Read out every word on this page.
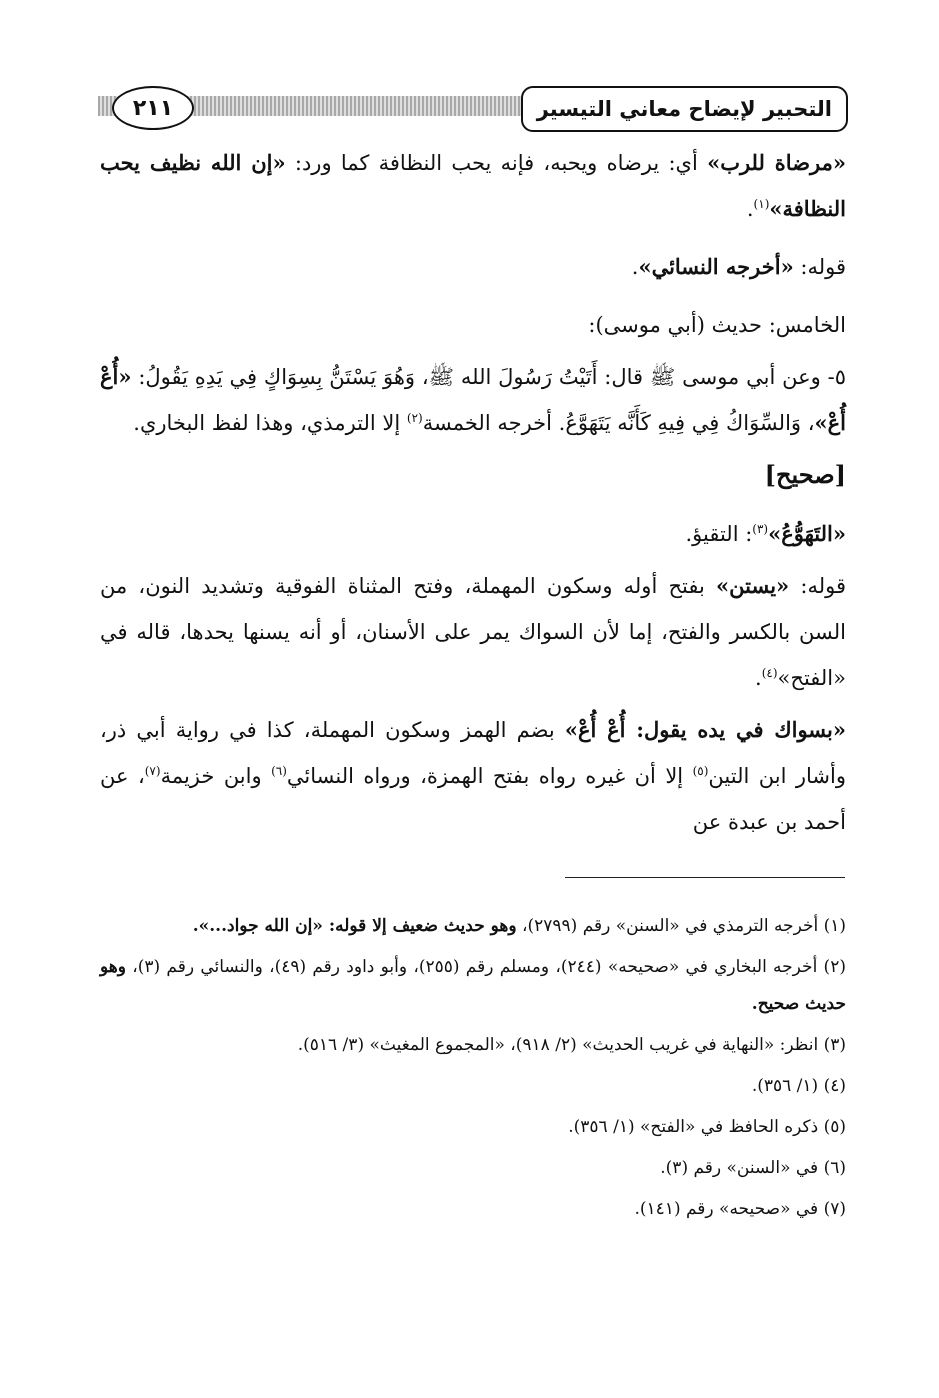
٢١١	التحبير لإيضاح معاني التيسير

«مرضاة للرب» أي: يرضاه ويحبه، فإنه يحب النظافة كما ورد: «إن الله نظيف يحب النظافة»$^{(١)}$.

قوله: «أخرجه النسائي».

الخامس: حديث (أبي موسى):

٥- وعن أبي موسى ﷺ قال: أَتَيْتُ رَسُولَ الله ﷺ، وَهُوَ يَسْتَنُّ بِسِوَاكٍ فِي يَدِهِ يَقُولُ: «أُعْ أُعْ»، وَالسِّوَاكُ فِي فِيهِ كَأَنَّه يَتَهَوَّعُ. أخرجه الخمسة$^{(٢)}$ إلا الترمذي، وهذا لفظ البخاري.

[صحيح]

«التَهَوُّعُ»$^{(٣)}$: التقيؤ.

قوله: «يستن» بفتح أوله وسكون المهملة، وفتح المثناة الفوقية وتشديد النون، من السن بالكسر والفتح، إما لأن السواك يمر على الأسنان، أو أنه يسنها يحدها، قاله في «الفتح»$^{(٤)}$.

«بسواك في يده يقول: أُعْ أُعْ» بضم الهمز وسكون المهملة، كذا في رواية أبي ذر، وأشار ابن التين$^{(٥)}$ إلا أن غيره رواه بفتح الهمزة، ورواه النسائي$^{(٦)}$ وابن خزيمة$^{(٧)}$، عن أحمد بن عبدة عن

(١) أخرجه الترمذي في «السنن» رقم (٢٧٩٩)، وهو حديث ضعيف إلا قوله: «إن الله جواد...».

(٢) أخرجه البخاري في «صحيحه» (٢٤٤)، ومسلم رقم (٢٥٥)، وأبو داود رقم (٤٩)، والنسائي رقم (٣)، وهو حديث صحيح.

(٣) انظر: «النهاية في غريب الحديث» (٢/ ٩١٨)، «المجموع المغيث» (٣/ ٥١٦).

(٤) (١/ ٣٥٦).

(٥) ذكره الحافظ في «الفتح» (١/ ٣٥٦).

(٦) في «السنن» رقم (٣).

(٧) في «صحيحه» رقم (١٤١).
